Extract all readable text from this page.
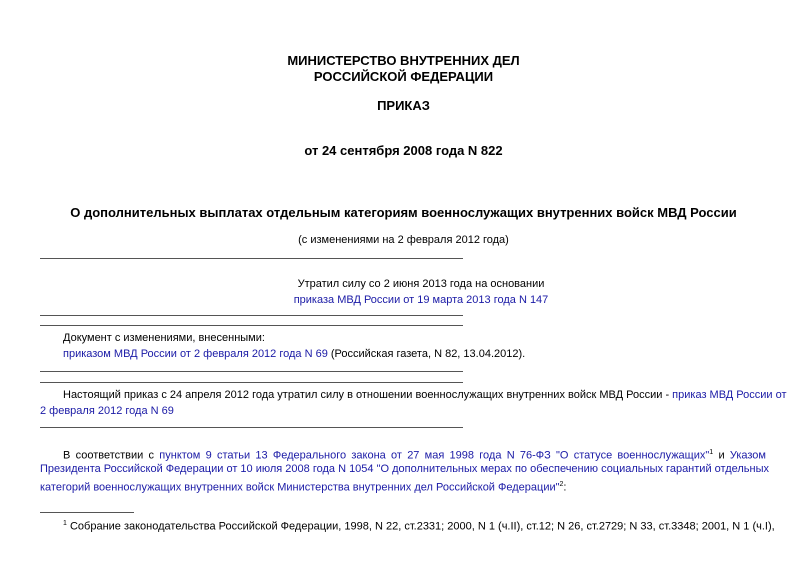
МИНИСТЕРСТВО ВНУТРЕННИХ ДЕЛ
РОССИЙСКОЙ ФЕДЕРАЦИИ
ПРИКАЗ
от 24 сентября 2008 года N 822
О дополнительных выплатах отдельным категориям военнослужащих внутренних войск МВД России
(с изменениями на 2 февраля 2012 года)
Утратил силу со 2 июня 2013 года на основании
приказа МВД России от 19 марта 2013 года N 147
Документ с изменениями, внесенными:
приказом МВД России от 2 февраля 2012 года N 69 (Российская газета, N 82, 13.04.2012).
Настоящий приказ с 24 апреля 2012 года утратил силу в отношении военнослужащих внутренних войск МВД России - приказ МВД России от
2 февраля 2012 года N 69
В соответствии с пунктом 9 статьи 13 Федерального закона от 27 мая 1998 года N 76-ФЗ "О статусе военнослужащих"$^1$ и Указом
Президента Российской Федерации от 10 июля 2008 года N 1054 "О дополнительных мерах по обеспечению социальных гарантий отдельных
категорий военнослужащих внутренних войск Министерства внутренних дел Российской Федерации"$^2$:
$^1$ Собрание законодательства Российской Федерации, 1998, N 22, ст.2331; 2000, N 1 (ч.II), ст.12; N 26, ст.2729; N 33, ст.3348; 2001, N 1 (ч.I),
